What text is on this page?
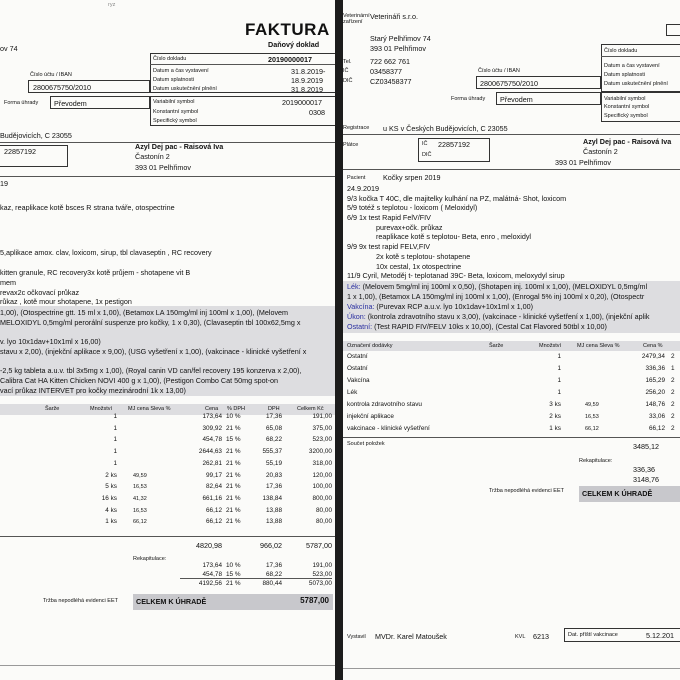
ryz
FAKTURA
Daňový doklad
ov 74
Číslo dokladu	20190000017
Datum a čas vystavení	31.8.2019-
Datum splatnosti	18.9.2019
Datum uskutečnění plnění	31.8.2019
Číslo účtu / IBAN
2800675750/2010
Forma úhrady	Převodem	Variabilní symbol	2019000017
Konstantní symbol	0308
Specifický symbol
Budějovicích, C 23055
22857192
Azyl Dej pac - Raisová Iva
Častonín 2
393 01 Pelhřimov
19
kaz, reaplikace kotě bsces R strana tváře, otospectrine
5,aplikace amox. clav, loxicom, sirup, tbl clavaseptin , RC recovery
kitten granule, RC recovery3x kotě průjem - shotapene vit B
mem
revax2c očkovací průkaz
růkaz , kotě mour shotapene, 1x pestigon
1,00), (Otospectrine gtt. 15 ml x 1,00), (Betamox LA 150mg/ml inj 100ml x 1,00), (Melovem
MELOXIDYL 0,5mg/ml perorální suspenze pro kočky, 1 x 0,30), (Clavaseptin tbl 100x62,5mg x
v. lyo 10x1dav+10x1ml x 16,00)
stavu x 2,00), (injekční aplikace x 9,00), (USG vyšetření x 1,00), (vakcinace - klinické vyšetření x
-2,5 kg tableta a.u.v. tbl 3x5mg x 1,00), (Royal canin VD can/fel recovery 195 konzerva x 2,00),
Calibra Cat HA Kitten Chicken NOVI 400 g x 1,00), (Pestigon Combo Cat 50mg spot-on
vací průkaz INTERVET pro kočky mezinárodní 1k x 13,00)
Šarže	Množství	MJ cena Sleva %	Cena % DPH	DPH	Celkem Kč
1	173,64 10 %	17,36	191,00
1	309,92 21 %	65,08	375,00
1	454,78 15 %	68,22	523,00
1	2644,63 21 %	555,37	3200,00
1	262,81 21 %	55,19	318,00
2 ks	49,59	99,17 21 %	20,83	120,00
5 ks	16,53	82,64 21 %	17,36	100,00
16 ks	41,32	661,16 21 %	138,84	800,00
4 ks	16,53	66,12 21 %	13,88	80,00
1 ks	66,12	66,12 21 %	13,88	80,00
4820,98	966,02	5787,00
Rekapitulace:
173,64 10 %	17,36	191,00
454,78 15 %	68,22	523,00
4192,56 21 %	880,44	5073,00
Tržba nepodléhá evidenci EET CELKEM K ÚHRADĚ	5787,00
Veterinární zařízení
Veterináři s.r.o.
Starý Pelhřimov 74
393 01 Pelhřimov
Tel.	722 662 761
IČ	03458377
DIČ CZ03458377
Číslo účtu / IBAN
2800675750/2010
Číslo dokladu
Datum a čas vystavení
Datum splatnosti
Datum uskutečnění plnění
Forma úhrady	Převodem	Variabilní symbol
Konstantní symbol
Specifický symbol
Registrace u KS v Českých Budějovicích, C 23055
Plátce	IČ 22857192
DIČ
Azyl Dej pac - Raisová Iva
Častonín 2
393 01 Pelhřimov
Pacient Kočky srpen 2019
24.9.2019
9/3 kočka T 40C, dle majitelky kulhání na PZ, malátná- Shot, loxicom
5/9 totéž s teplotou - loxicom ( Meloxidyl)
6/9 1x test Rapid FelV/FIV
purevax+očk. průkaz
reaplikace kotě s teplotou- Beta, enro , meloxidyl
9/9 9x test rapid FELV,FIV
2x kotě s teplotou- shotapene
10x cestal, 1x otospectrine
11/9 Cyril, Metoděj t- teplotanad 39C- Beta, loxicom, meloxydyl sirup
Lék: (Melovem 5mg/ml inj 100ml x 0,50), (Shotapen inj. 100ml x 1,00), (MELOXIDYL 0,5mg/ml
1 x 1,00), (Betamox LA 150mg/ml inj 100ml x 1,00), (Enrogal 5% inj 100ml x 0,20), (Otospectr
Vakcína: (Purevax RCP a.u.v. lyo 10x1dav+10x1ml x 1,00)
Úkon: (kontrola zdravotního stavu x 3,00), (vakcinace - klinické vyšetření x 1,00), (injekční aplik
Ostatní: (Test RAPID FIV/FELV 10ks x 10,00), (Cestal Cat Flavored 50tbl x 10,00)
Označení dodávky	Šarže	Množství	MJ cena Sleva %	Cena %
Ostatní	1	2479,34 2
Ostatní	1	336,36 1
Vakcína	1	165,29 2
Lék	1	256,20 2
kontrola zdravotního stavu	3 ks	49,59	148,76 2
injekční aplikace	2 ks	16,53	33,06 2
vakcinace - klinické vyšetření	1 ks	66,12	66,12 2
Součet položek	3485,12
Rekapitulace:
336,36
3148,76
Tržba nepodléhá evidenci EET CELKEM K ÚHRADĚ
Vystavil MVDr. Karel Matoušek	KVL 6213	Dat. příští vakcinace	5.12.201
